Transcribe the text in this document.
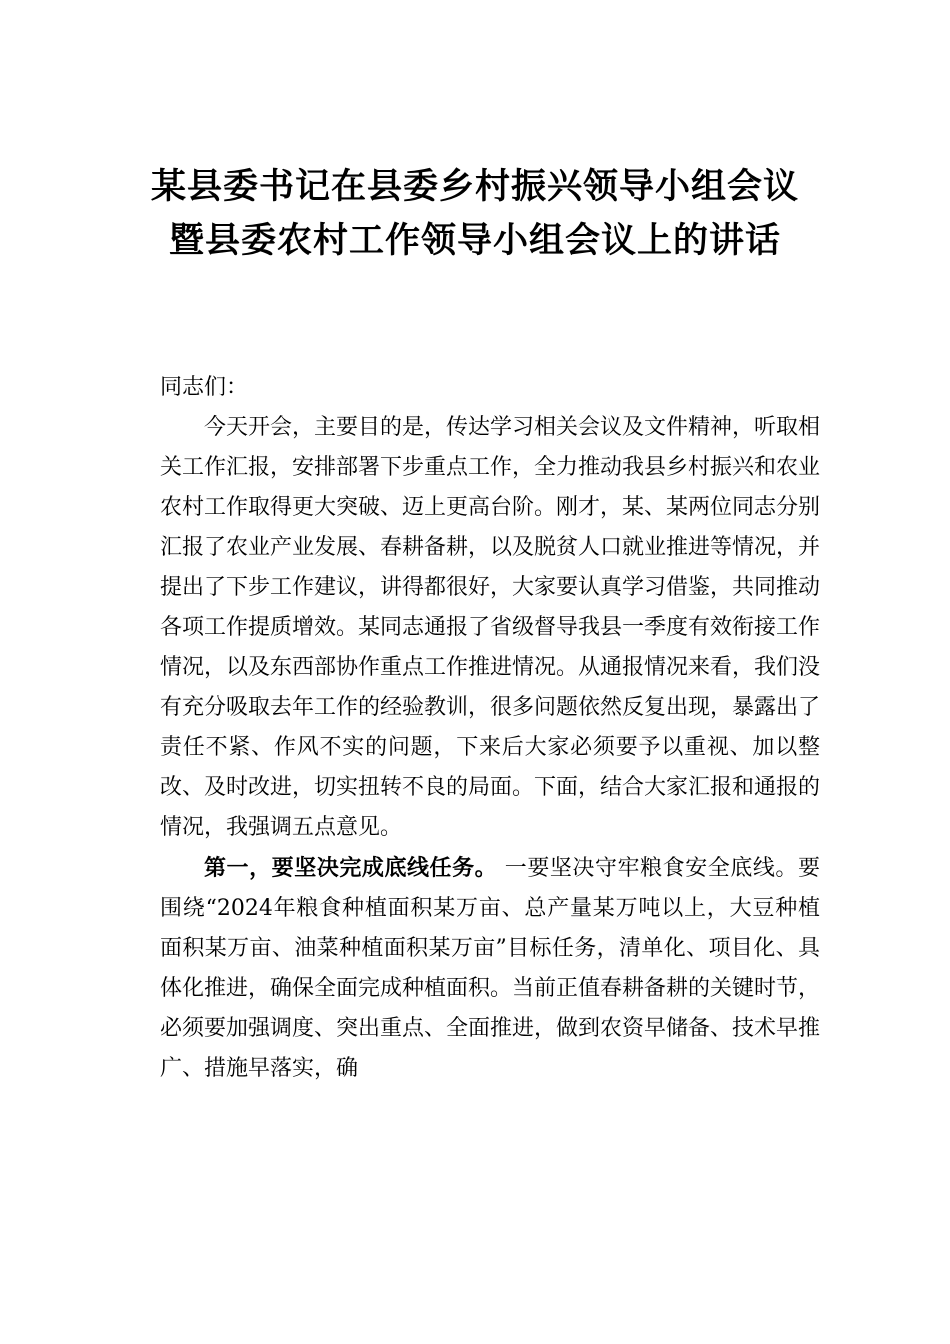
某县委书记在县委乡村振兴领导小组会议
暨县委农村工作领导小组会议上的讲话

同志们：

今天开会，主要目的是，传达学习相关会议及文件精神，听取相关工作汇报，安排部署下步重点工作，全力推动我县乡村振兴和农业农村工作取得更大突破、迈上更高台阶。刚才，某、某两位同志分别汇报了农业产业发展、春耕备耕，以及脱贫人口就业推进等情况，并提出了下步工作建议，讲得都很好，大家要认真学习借鉴，共同推动各项工作提质增效。某同志通报了省级督导我县一季度有效衔接工作情况，以及东西部协作重点工作推进情况。从通报情况来看，我们没有充分吸取去年工作的经验教训，很多问题依然反复出现，暴露出了责任不紧、作风不实的问题，下来后大家必须要予以重视、加以整改、及时改进，切实扭转不良的局面。下面，结合大家汇报和通报的情况，我强调五点意见。

第一，要坚决完成底线任务。 一要坚决守牢粮食安全底线。要围绕“2024年粮食种植面积某万亩、总产量某万吨以上，大豆种植面积某万亩、油菜种植面积某万亩”目标任务，清单化、项目化、具体化推进，确保全面完成种植面积。当前正值春耕备耕的关键时节，必须要加强调度、突出重点、全面推进，做到农资早储备、技术早推广、措施早落实，确
